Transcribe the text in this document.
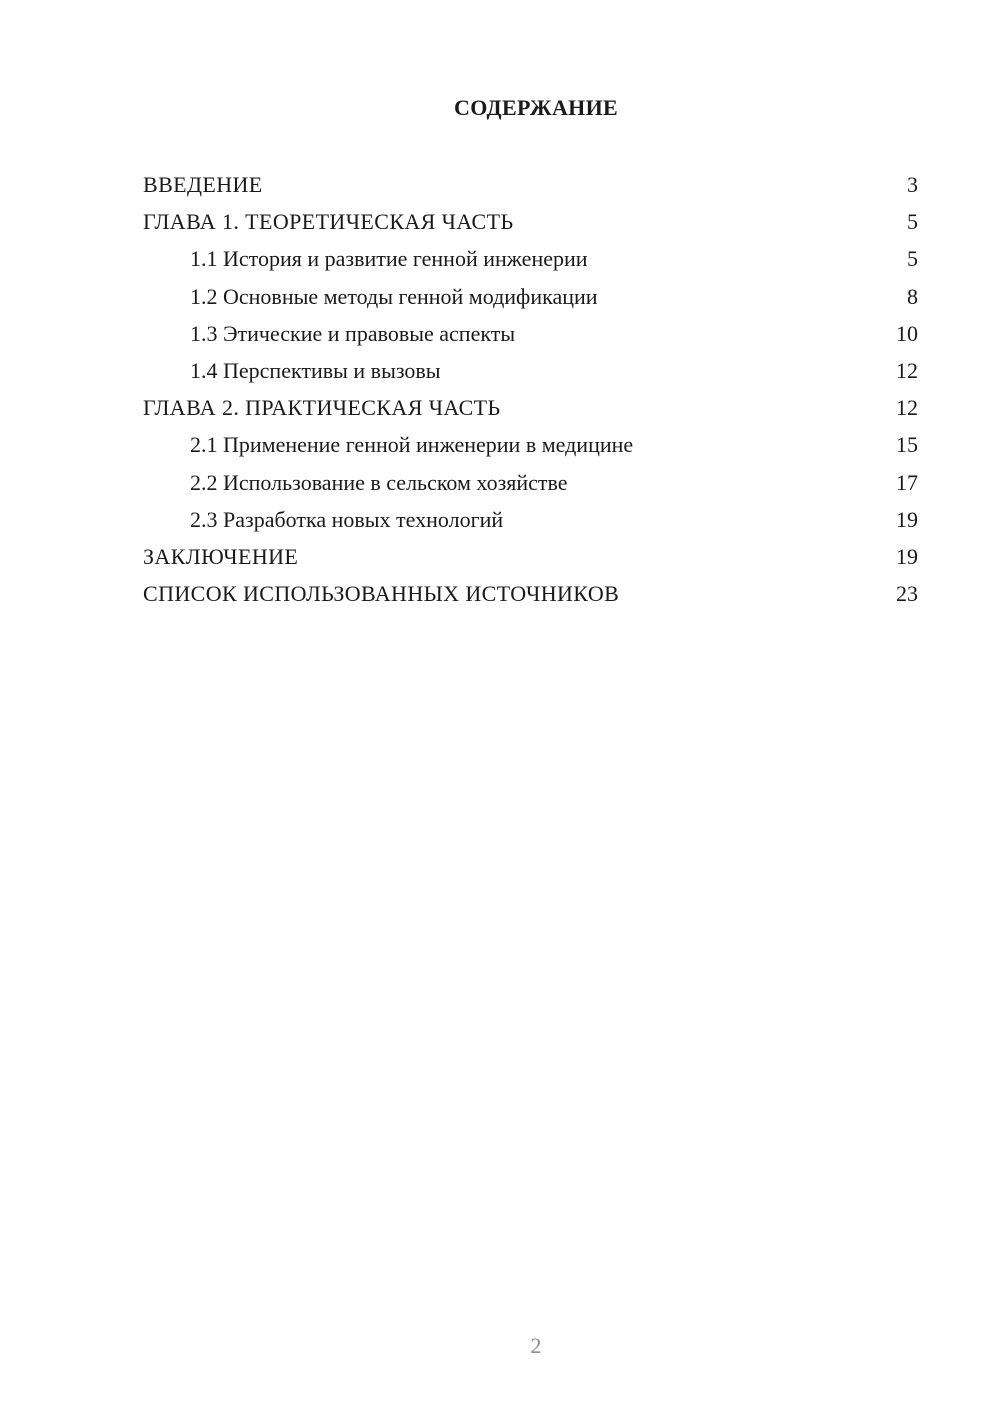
СОДЕРЖАНИЕ
ВВЕДЕНИЕ	3
ГЛАВА 1. ТЕОРЕТИЧЕСКАЯ ЧАСТЬ	5
1.1 История и развитие генной инженерии	5
1.2 Основные методы генной модификации	8
1.3 Этические и правовые аспекты	10
1.4 Перспективы и вызовы	12
ГЛАВА 2. ПРАКТИЧЕСКАЯ ЧАСТЬ	12
2.1 Применение генной инженерии в медицине	15
2.2 Использование в сельском хозяйстве	17
2.3 Разработка новых технологий	19
ЗАКЛЮЧЕНИЕ	19
СПИСОК ИСПОЛЬЗОВАННЫХ ИСТОЧНИКОВ	23
2
